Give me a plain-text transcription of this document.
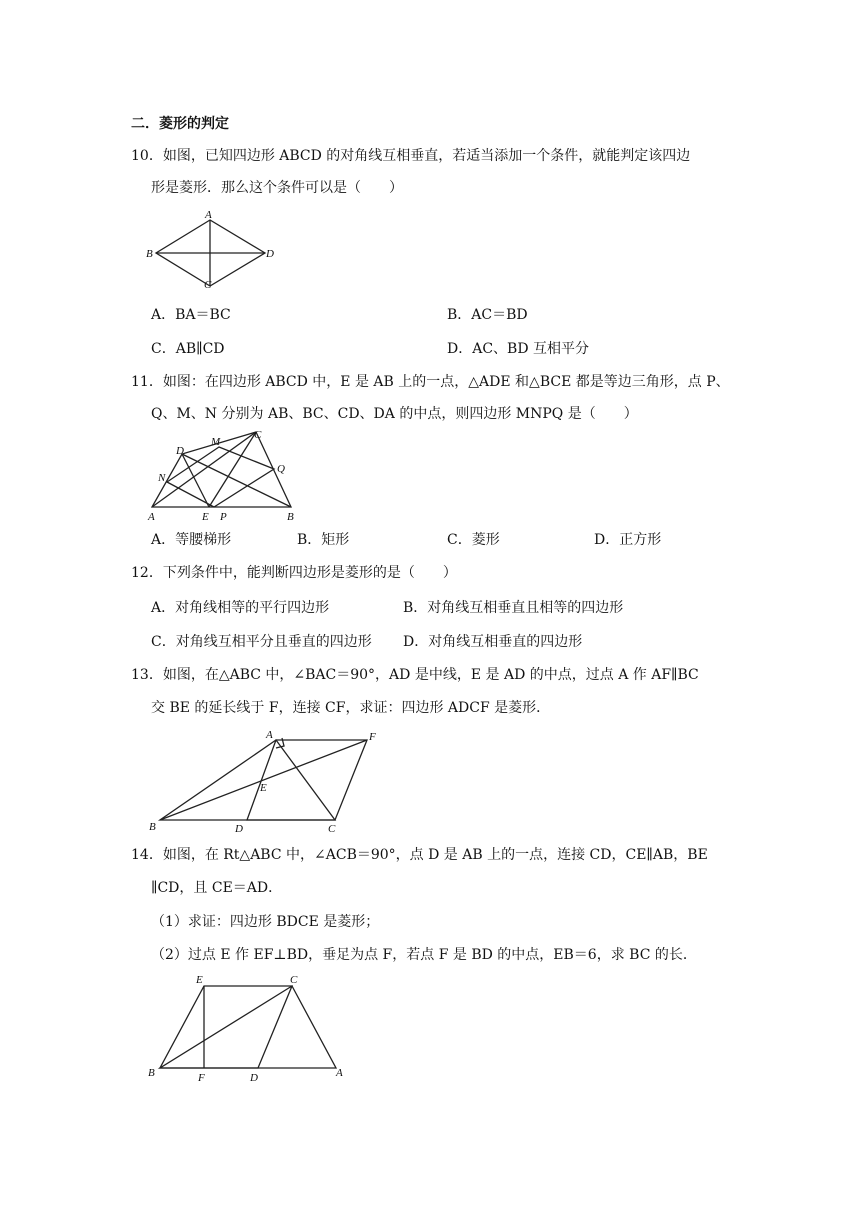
二．菱形的判定
10．如图，已知四边形 ABCD 的对角线互相垂直，若适当添加一个条件，就能判定该四边
形是菱形．那么这个条件可以是（　　）
A
B
C
D
A．BA＝BC	B．AC＝BD
C．AB∥CD	D．AC、BD 互相平分
11．如图：在四边形 ABCD 中，E 是 AB 上的一点，△ADE 和△BCE 都是等边三角形，点 P、
Q、M、N 分别为 AB、BC、CD、DA 的中点，则四边形 MNPQ 是（　　）
A	B
C
D
E
M
N
P
Q
A．等腰梯形	B．矩形	C．菱形	D．正方形
12．下列条件中，能判断四边形是菱形的是（　　）
A．对角线相等的平行四边形	B．对角线互相垂直且相等的四边形
C．对角线互相平分且垂直的四边形 D．对角线互相垂直的四边形
13．如图，在△ABC 中，∠BAC＝90°，AD 是中线，E 是 AD 的中点，过点 A 作 AF∥BC
交 BE 的延长线于 F，连接 CF，求证：四边形 ADCF 是菱形．
A
B	C
D
E
F
14．如图，在 Rt△ABC 中，∠ACB＝90°，点 D 是 AB 上的一点，连接 CD，CE∥AB，BE
∥CD，且 CE＝AD．
（1）求证：四边形 BDCE 是菱形；
（2）过点 E 作 EF⊥BD，垂足为点 F，若点 F 是 BD 的中点，EB＝6，求 BC 的长．
A
B
C
D
E
F
